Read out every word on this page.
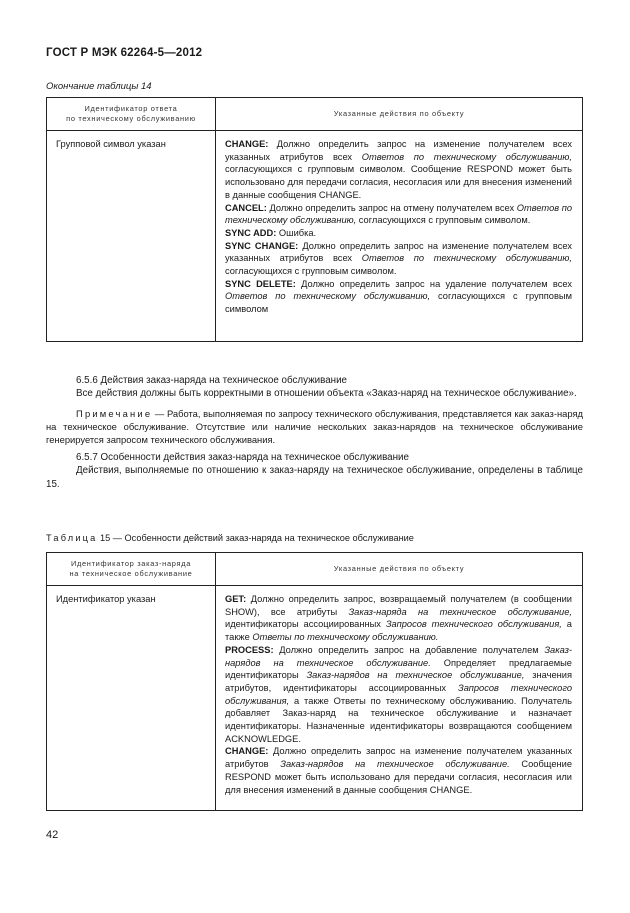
ГОСТ Р МЭК 62264-5—2012
Окончание таблицы 14
Идентификатор ответа
по техническому обслуживанию	Указанные действия по объекту

Групповой символ указан	CHANGE: Должно определить запрос на изменение получателем всех указанных атрибутов всех Ответов по техническому обслуживанию, согласующихся с групповым символом. Сообщение RESPOND может быть использовано для передачи согласия, несогласия или для внесения изменений в данные сообщения CHANGE.

CANCEL: Должно определить запрос на отмену получателем всех Ответов по техническому обслуживанию, согласующихся с групповым символом.

SYNC ADD: Ошибка.

SYNC CHANGE: Должно определить запрос на изменение получателем всех указанных атрибутов всех Ответов по техническому обслуживанию, согласующихся с групповым символом.

SYNC DELETE: Должно определить запрос на удаление получателем всех Ответов по техническому обслуживанию, согласующихся с групповым символом

6.5.6 Действия заказ-наряда на техническое обслуживание
Все действия должны быть корректными в отношении объекта «Заказ-наряд на техническое обслуживание».
Примечание — Работа, выполняемая по запросу технического обслуживания, представляется как заказ-наряд на техническое обслуживание. Отсутствие или наличие нескольких заказ-нарядов на техническое обслуживание генерируется запросом технического обслуживания.
6.5.7 Особенности действия заказ-наряда на техническое обслуживание
Действия, выполняемые по отношению к заказ-наряду на техническое обслуживание, определены в таблице 15.
Таблица 15 — Особенности действий заказ-наряда на техническое обслуживание
Идентификатор заказ-наряда
на техническое обслуживание	Указанные действия по объекту

Идентификатор указан	GET: Должно определить запрос, возвращаемый получателем (в сообщении SHOW), все атрибуты Заказ-наряда на техническое обслуживание, идентификаторы ассоциированных Запросов технического обслуживания, а также Ответы по техническому обслуживанию.

PROCESS: Должно определить запрос на добавление получателем Заказ-нарядов на техническое обслуживание. Определяет предлагаемые идентификаторы Заказ-нарядов на техническое обслуживание, значения атрибутов, идентификаторы ассоциированных Запросов технического обслуживания, а также Ответы по техническому обслуживанию. Получатель добавляет Заказ-наряд на техническое обслуживание и назначает идентификаторы. Назначенные идентификаторы возвращаются сообщением ACKNOWLEDGE.

CHANGE: Должно определить запрос на изменение получателем указанных атрибутов Заказ-нарядов на техническое обслуживание. Сообщение RESPOND может быть использовано для передачи согласия, несогласия или для внесения изменений в данные сообщения CHANGE.

42
